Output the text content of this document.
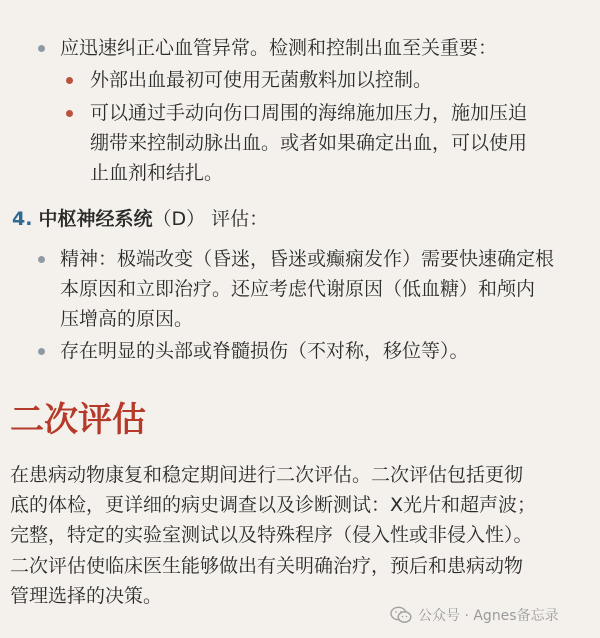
应迅速纠正心血管异常。检测和控制出血至关重要：
外部出血最初可使用无菌敷料加以控制。
可以通过手动向伤口周围的海绵施加压力，施加压迫
绷带来控制动脉出血。或者如果确定出血，可以使用
止血剂和结扎。
4. 中枢神经系统（D） 评估：
精神：极端改变（昏迷，昏迷或癫痫发作）需要快速确定根
本原因和立即治疗。还应考虑代谢原因（低血糖）和颅内
压增高的原因。
存在明显的头部或脊髓损伤（不对称，移位等）。
二次评估
在患病动物康复和稳定期间进行二次评估。二次评估包括更彻
底的体检，更详细的病史调查以及诊断测试：X光片和超声波；
完整，特定的实验室测试以及特殊程序（侵入性或非侵入性）。
二次评估使临床医生能够做出有关明确治疗，预后和患病动物
管理选择的决策。
公众号 · Agnes备忘录
